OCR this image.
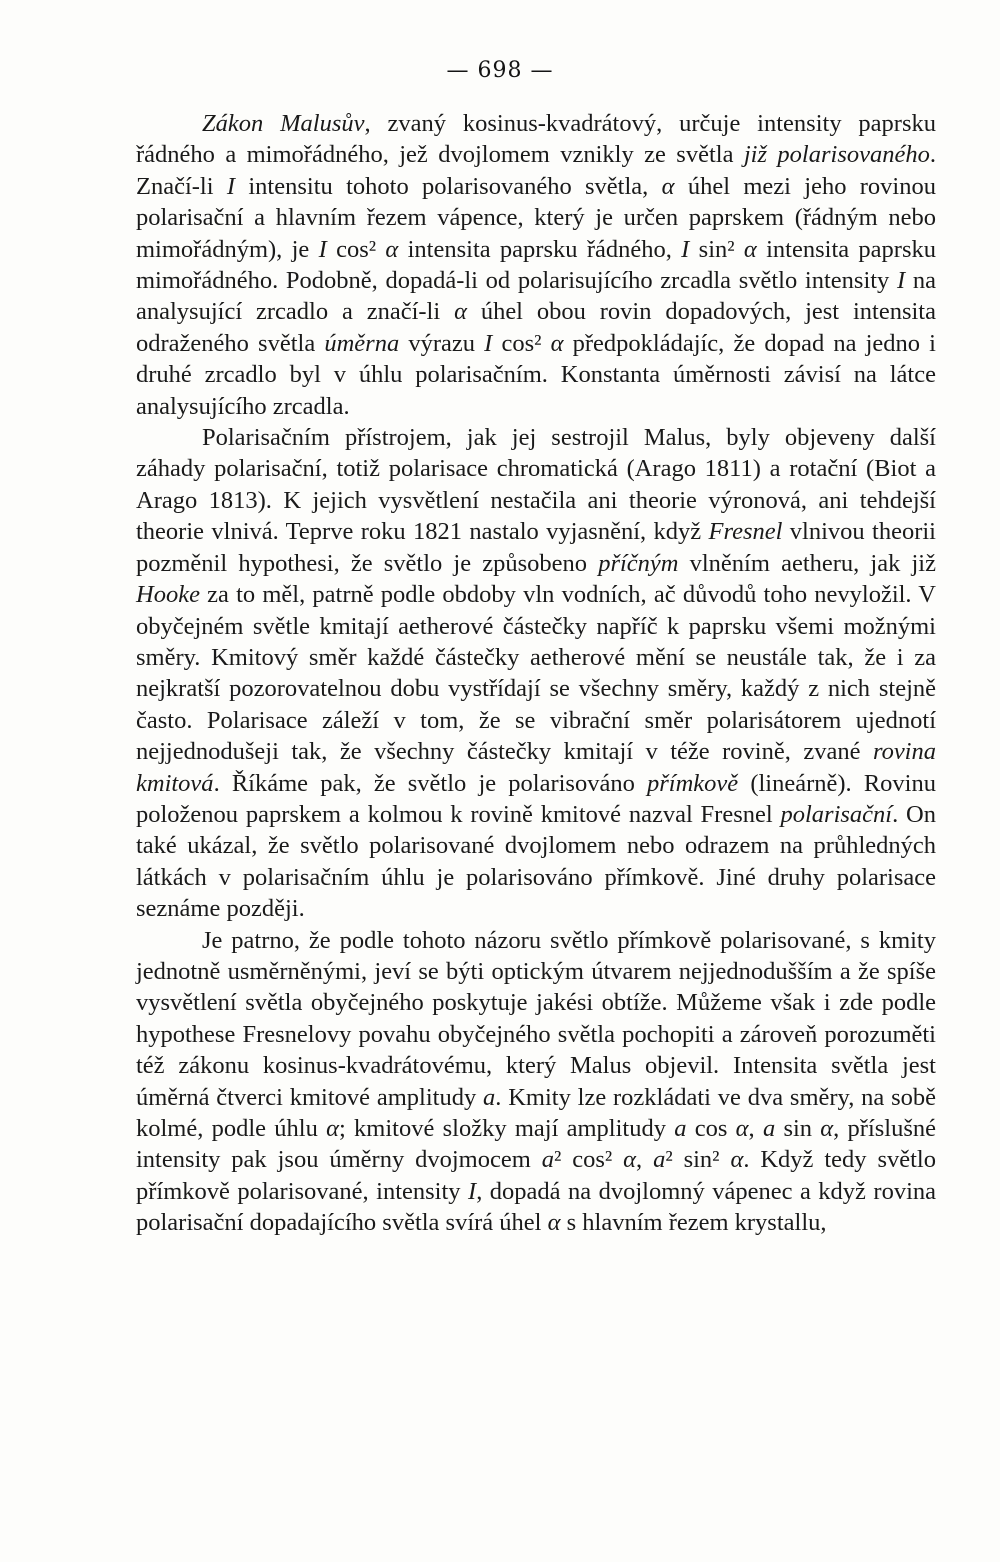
— 698 —

Zákon Malusův, zvaný kosinus-kvadrátový, určuje intensity paprsku řádného a mimořádného, jež dvojlomem vznikly ze světla již polarisovaného. Značí-li I intensitu tohoto polarisovaného světla, α úhel mezi jeho rovinou polarisační a hlavním řezem vápence, který je určen paprskem (řádným nebo mimořádným), je I cos² α intensita paprsku řádného, I sin² α intensita paprsku mimořádného. Podobně, dopadá-li od polarisujícího zrcadla světlo intensity I na analysující zrcadlo a značí-li α úhel obou rovin dopadových, jest intensita odraženého světla úměrna výrazu I cos² α předpokládajíc, že dopad na jedno i druhé zrcadlo byl v úhlu polarisačním. Konstanta úměrnosti závisí na látce analysujícího zrcadla.

Polarisačním přístrojem, jak jej sestrojil Malus, byly objeveny další záhady polarisační, totiž polarisace chromatická (Arago 1811) a rotační (Biot a Arago 1813). K jejich vysvětlení nestačila ani theorie výronová, ani tehdejší theorie vlnivá. Teprve roku 1821 nastalo vyjasnění, když Fresnel vlnivou theorii pozměnil hypothesi, že světlo je způsobeno příčným vlněním aetheru, jak již Hooke za to měl, patrně podle obdoby vln vodních, ač důvodů toho nevyložil. V obyčejném světle kmitají aetherové částečky napříč k paprsku všemi možnými směry. Kmitový směr každé částečky aetherové mění se neustále tak, že i za nejkratší pozorovatelnou dobu vystřídají se všechny směry, každý z nich stejně často. Polarisace záleží v tom, že se vibrační směr polarisátorem ujednotí nejjednodušeji tak, že všechny částečky kmitají v téže rovině, zvané rovina kmitová. Říkáme pak, že světlo je polarisováno přímkově (lineárně). Rovinu položenou paprskem a kolmou k rovině kmitové nazval Fresnel polarisační. On také ukázal, že světlo polarisované dvojlomem nebo odrazem na průhledných látkách v polarisačním úhlu je polarisováno přímkově. Jiné druhy polarisace seznáme později.

Je patrno, že podle tohoto názoru světlo přímkově polarisované, s kmity jednotně usměrněnými, jeví se býti optickým útvarem nejjednodušším a že spíše vysvětlení světla obyčejného poskytuje jakési obtíže. Můžeme však i zde podle hypothese Fresnelovy povahu obyčejného světla pochopiti a zároveň porozuměti též zákonu kosinus-kvadrátovému, který Malus objevil. Intensita světla jest úměrná čtverci kmitové amplitudy a. Kmity lze rozkládati ve dva směry, na sobě kolmé, podle úhlu α; kmitové složky mají amplitudy a cos α, a sin α, příslušné intensity pak jsou úměrny dvojmocem a² cos² α, a² sin² α. Když tedy světlo přímkově polarisované, intensity I, dopadá na dvojlomný vápenec a když rovina polarisační dopadajícího světla svírá úhel α s hlavním řezem krystallu,
